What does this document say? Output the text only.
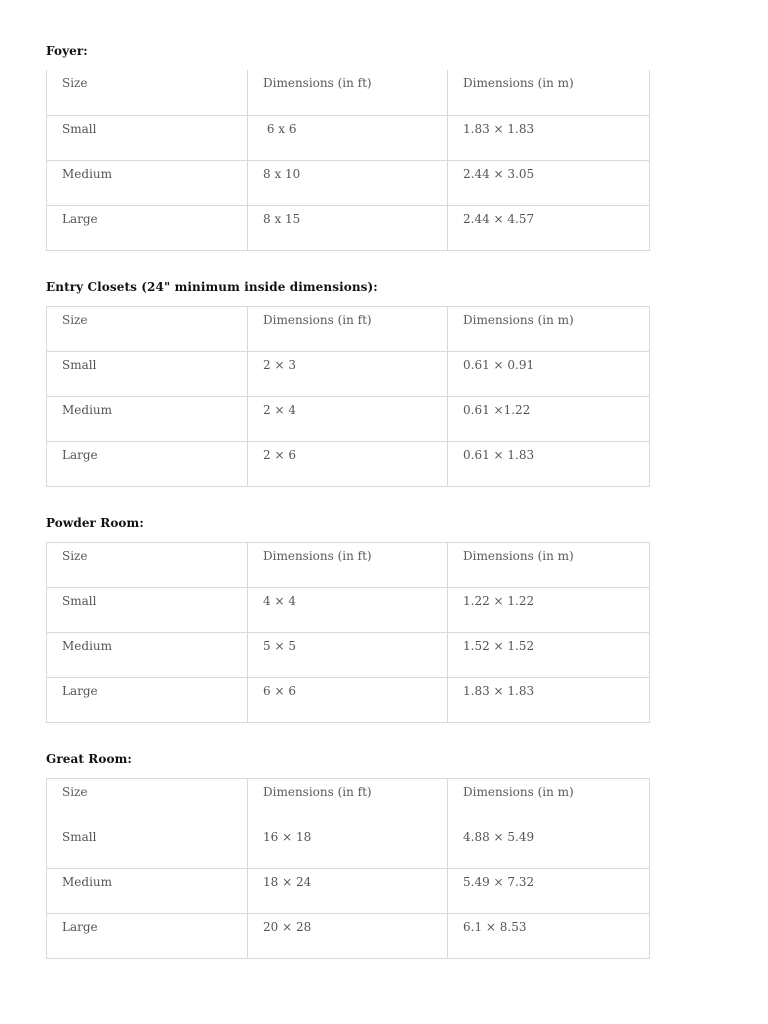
Foyer:
Size	Dimensions (in ft)	Dimensions (in m)
Small	6 x 6	1.83 × 1.83
Medium	8 x 10	2.44 × 3.05
Large	8 x 15	2.44 × 4.57
Entry Closets (24" minimum inside dimensions):
Size	Dimensions (in ft)	Dimensions (in m)
Small	2 × 3	0.61 × 0.91
Medium	2 × 4	0.61 ×1.22
Large	2 × 6	0.61 × 1.83
Powder Room:
Size	Dimensions (in ft)	Dimensions (in m)
Small	4 × 4	1.22 × 1.22
Medium	5 × 5	1.52 × 1.52
Large	6 × 6	1.83 × 1.83
Great Room:
Size	Dimensions (in ft)	Dimensions (in m)
Small	16 × 18	4.88 × 5.49
Medium	18 × 24	5.49 × 7.32
Large	20 × 28	6.1 × 8.53
